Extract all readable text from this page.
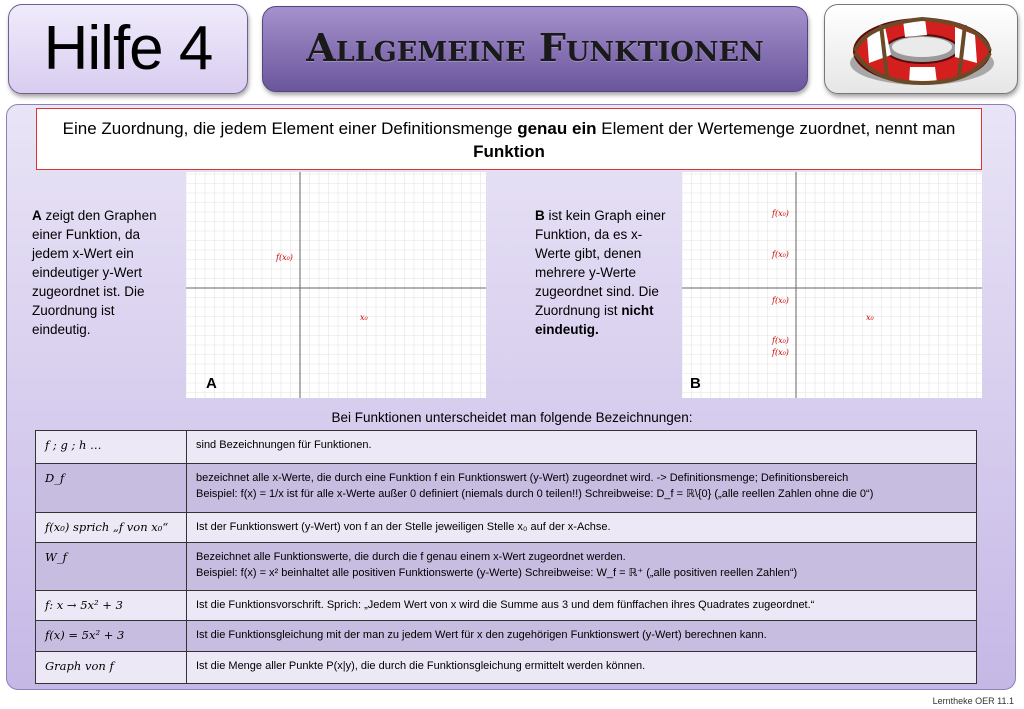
Hilfe 4	Allgemeine Funktionen
Eine Zuordnung, die jedem Element einer Definitionsmenge genau ein Element der Wertemenge zuordnet, nennt man Funktion
A zeigt den Graphen einer Funktion, da jedem x-Wert ein eindeutiger y-Wert zugeordnet ist. Die Zuordnung ist eindeutig.
B ist kein Graph einer Funktion, da es x-Werte gibt, denen mehrere y-Werte zugeordnet sind. Die Zuordnung ist nicht eindeutig.
f(x₀)
x₀
f(x₀)
f(x₀)
f(x₀)
f(x₀)
f(x₀)
x₀
A	B
Bei Funktionen unterscheidet man folgende Bezeichnungen:
f ; g ; h …	sind Bezeichnungen für Funktionen.
D_f	bezeichnet alle x-Werte, die durch eine Funktion f ein Funktionswert (y-Wert) zugeordnet wird. -> Definitionsmenge; Definitionsbereich
Beispiel: f(x) = 1/x ist für alle x-Werte außer 0 definiert (niemals durch 0 teilen!!) Schreibweise: D_f = ℝ\{0} („alle reellen Zahlen ohne die 0“)
f(x₀) sprich „f von x₀“	Ist der Funktionswert (y-Wert) von f an der Stelle jeweiligen Stelle x₀ auf der x-Achse.
W_f	Bezeichnet alle Funktionswerte, die durch die f genau einem x-Wert zugeordnet werden.
Beispiel: f(x) = x² beinhaltet alle positiven Funktionswerte (y-Werte) Schreibweise: W_f = ℝ⁺ („alle positiven reellen Zahlen“)
f: x → 5x² + 3	Ist die Funktionsvorschrift. Sprich: „Jedem Wert von x wird die Summe aus 3 und dem fünffachen ihres Quadrates zugeordnet.“
f(x) = 5x² + 3	Ist die Funktionsgleichung mit der man zu jedem Wert für x den zugehörigen Funktionswert (y-Wert) berechnen kann.
Graph von f	Ist die Menge aller Punkte P(x|y), die durch die Funktionsgleichung ermittelt werden können.
Lerntheke OER 11.1
